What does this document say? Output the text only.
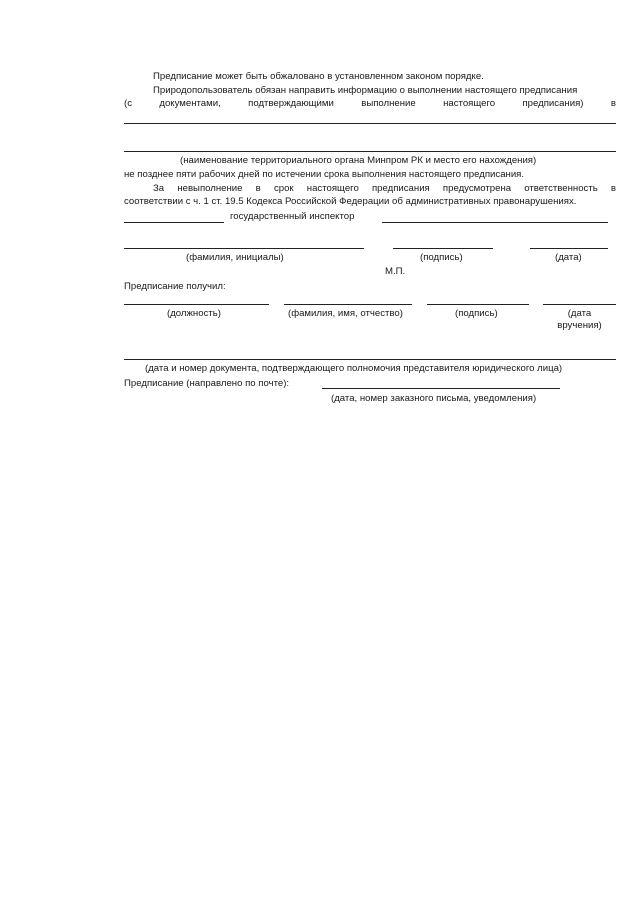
Предписание может быть обжаловано в установленном законом порядке.
Природопользователь обязан направить информацию о выполнении настоящего предписания
(с	документами,	подтверждающими	выполнение	настоящего	предписания)	в
(наименование территориального органа Минпром РК и место его нахождения)
не позднее пяти рабочих дней по истечении срока выполнения настоящего предписания.
За невыполнение в срок настоящего предписания предусмотрена ответственность в
соответствии с ч. 1 ст. 19.5 Кодекса Российской Федерации об административных правонарушениях.
государственный инспектор
(фамилия, инициалы)	(подпись)	(дата)
М.П.
Предписание получил:
(должность)	(фамилия, имя, отчество)	(подпись)	(дата
вручения)
(дата и номер документа, подтверждающего полномочия представителя юридического лица)
Предписание (направлено по почте):
(дата, номер заказного письма, уведомления)
